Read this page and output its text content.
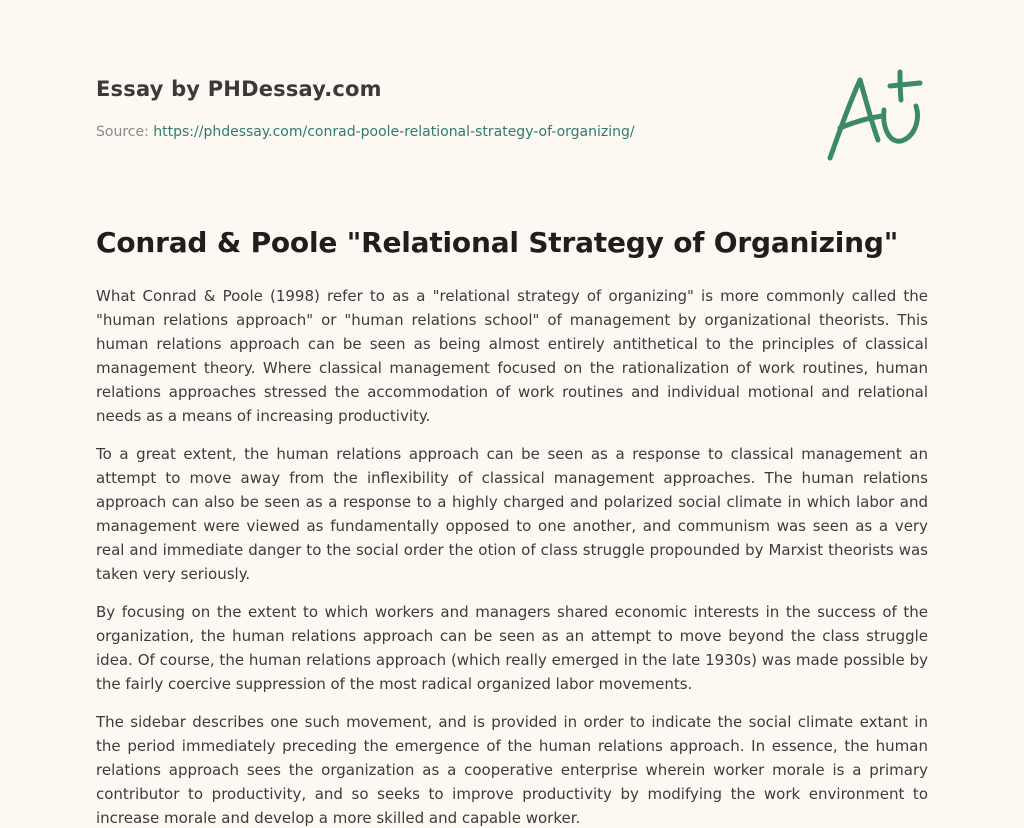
Essay by PHDessay.com
Source: https://phdessay.com/conrad-poole-relational-strategy-of-organizing/
Conrad & Poole "Relational Strategy of Organizing"

What Conrad & Poole (1998) refer to as a "relational strategy of organizing" is more commonly called the "human relations approach" or "human relations school" of management by organizational theorists. This human relations approach can be seen as being almost entirely antithetical to the principles of classical management theory. Where classical management focused on the rationalization of work routines, human relations approaches stressed the accommodation of work routines and individual motional and relational needs as a means of increasing productivity.

To a great extent, the human relations approach can be seen as a response to classical management an attempt to move away from the inflexibility of classical management approaches. The human relations approach can also be seen as a response to a highly charged and polarized social climate in which labor and management were viewed as fundamentally opposed to one another, and communism was seen as a very real and immediate danger to the social order the otion of class struggle propounded by Marxist theorists was taken very seriously.

By focusing on the extent to which workers and managers shared economic interests in the success of the organization, the human relations approach can be seen as an attempt to move beyond the class struggle idea. Of course, the human relations approach (which really emerged in the late 1930s) was made possible by the fairly coercive suppression of the most radical organized labor movements.

The sidebar describes one such movement, and is provided in order to indicate the social climate extant in the period immediately preceding the emergence of the human relations approach. In essence, the human relations approach sees the organization as a cooperative enterprise wherein worker morale is a primary contributor to productivity, and so seeks to improve productivity by modifying the work environment to increase morale and develop a more skilled and capable worker.
